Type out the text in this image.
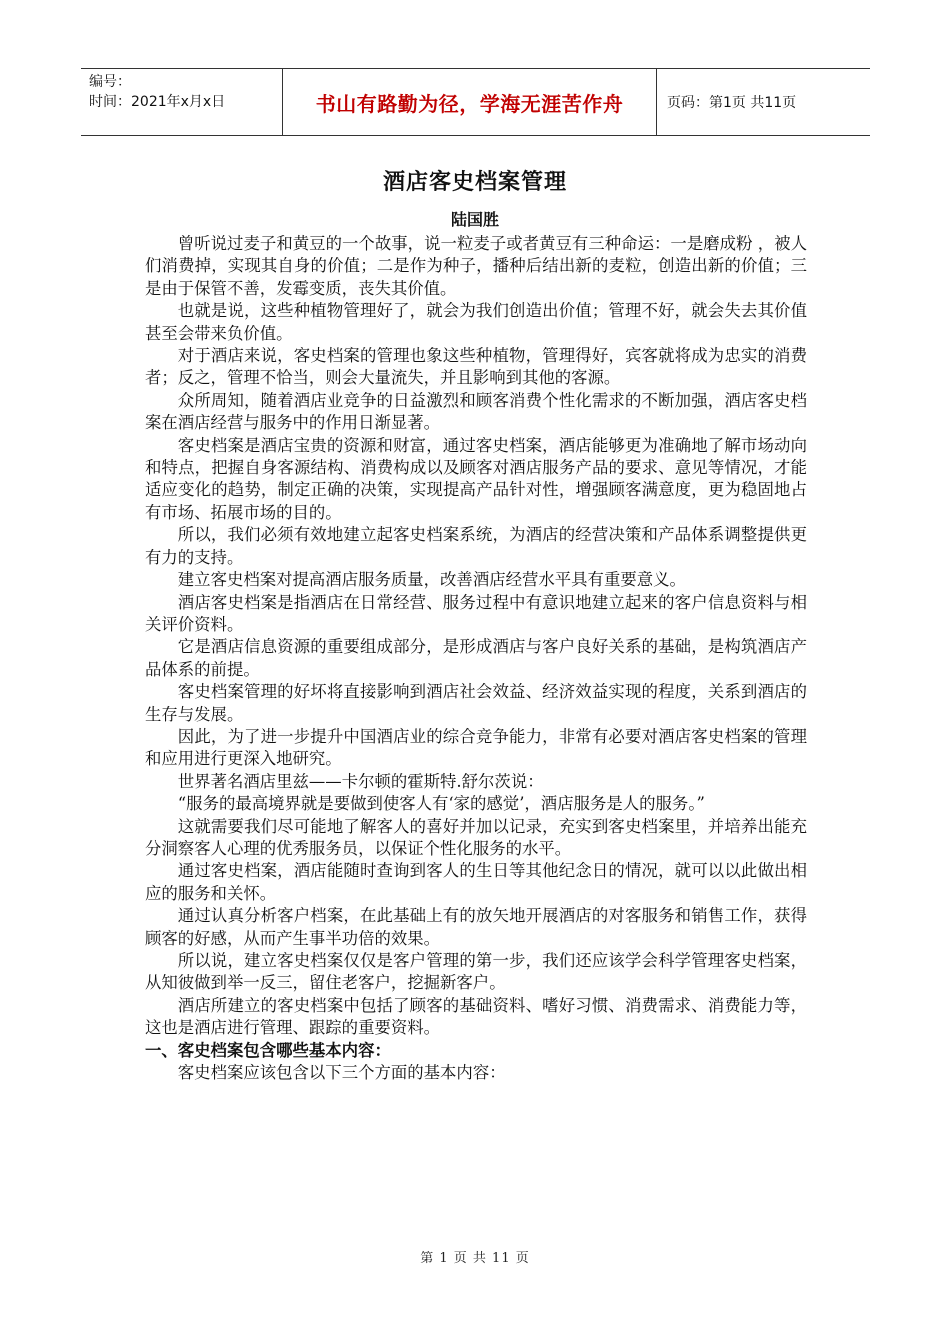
编号：
时间：2021年x月x日	书山有路勤为径，学海无涯苦作舟	页码：第1页 共11页
酒店客史档案管理
陆国胜

曾听说过麦子和黄豆的一个故事，说一粒麦子或者黄豆有三种命运：一是磨成粉 ，被人们消费掉，实现其自身的价值；二是作为种子，播种后结出新的麦粒，创造出新的价值；三是由于保管不善，发霉变质，丧失其价值。

也就是说，这些种植物管理好了，就会为我们创造出价值；管理不好，就会失去其价值甚至会带来负价值。

对于酒店来说，客史档案的管理也象这些种植物，管理得好，宾客就将成为忠实的消费者；反之，管理不恰当，则会大量流失，并且影响到其他的客源。

众所周知，随着酒店业竞争的日益激烈和顾客消费个性化需求的不断加强，酒店客史档案在酒店经营与服务中的作用日渐显著。

客史档案是酒店宝贵的资源和财富，通过客史档案，酒店能够更为准确地了解市场动向和特点，把握自身客源结构、消费构成以及顾客对酒店服务产品的要求、意见等情况，才能适应变化的趋势，制定正确的决策，实现提高产品针对性，增强顾客满意度，更为稳固地占有市场、拓展市场的目的。

所以，我们必须有效地建立起客史档案系统，为酒店的经营决策和产品体系调整提供更有力的支持。

建立客史档案对提高酒店服务质量，改善酒店经营水平具有重要意义。

酒店客史档案是指酒店在日常经营、服务过程中有意识地建立起来的客户信息资料与相关评价资料。

它是酒店信息资源的重要组成部分，是形成酒店与客户良好关系的基础，是构筑酒店产品体系的前提。

客史档案管理的好坏将直接影响到酒店社会效益、经济效益实现的程度，关系到酒店的生存与发展。

因此，为了进一步提升中国酒店业的综合竞争能力，非常有必要对酒店客史档案的管理和应用进行更深入地研究。

世界著名酒店里兹——卡尔顿的霍斯特.舒尔茨说：

“服务的最高境界就是要做到使客人有‘家的感觉’，酒店服务是人的服务。”

这就需要我们尽可能地了解客人的喜好并加以记录，充实到客史档案里，并培养出能充分洞察客人心理的优秀服务员，以保证个性化服务的水平。

通过客史档案，酒店能随时查询到客人的生日等其他纪念日的情况，就可以以此做出相应的服务和关怀。

通过认真分析客户档案，在此基础上有的放矢地开展酒店的对客服务和销售工作，获得顾客的好感，从而产生事半功倍的效果。

所以说，建立客史档案仅仅是客户管理的第一步，我们还应该学会科学管理客史档案，从知彼做到举一反三，留住老客户，挖掘新客户。

酒店所建立的客史档案中包括了顾客的基础资料、嗜好习惯、消费需求、消费能力等，这也是酒店进行管理、跟踪的重要资料。

一、客史档案包含哪些基本内容：

客史档案应该包含以下三个方面的基本内容：

第 1 页 共 11 页
